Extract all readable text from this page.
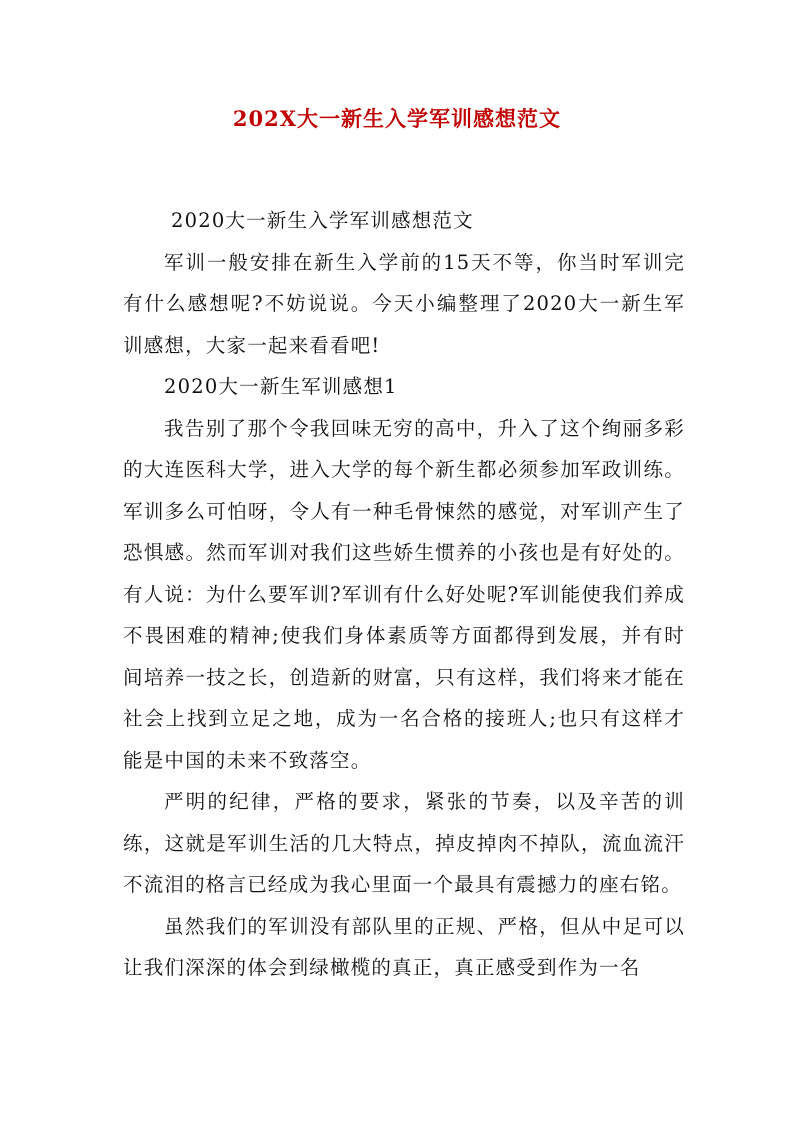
202X大一新生入学军训感想范文

2020大一新生入学军训感想范文

军训一般安排在新生入学前的15天不等，你当时军训完有什么感想呢?不妨说说。今天小编整理了2020大一新生军训感想，大家一起来看看吧!

2020大一新生军训感想1

我告别了那个令我回味无穷的高中，升入了这个绚丽多彩的大连医科大学，进入大学的每个新生都必须参加军政训练。军训多么可怕呀，令人有一种毛骨悚然的感觉，对军训产生了恐惧感。然而军训对我们这些娇生惯养的小孩也是有好处的。有人说：为什么要军训?军训有什么好处呢?军训能使我们养成不畏困难的精神;使我们身体素质等方面都得到发展，并有时间培养一技之长，创造新的财富，只有这样，我们将来才能在社会上找到立足之地，成为一名合格的接班人;也只有这样才能是中国的未来不致落空。

严明的纪律，严格的要求，紧张的节奏，以及辛苦的训练，这就是军训生活的几大特点，掉皮掉肉不掉队，流血流汗不流泪的格言已经成为我心里面一个最具有震撼力的座右铭。

虽然我们的军训没有部队里的正规、严格，但从中足可以让我们深深的体会到绿橄榄的真正，真正感受到作为一名
